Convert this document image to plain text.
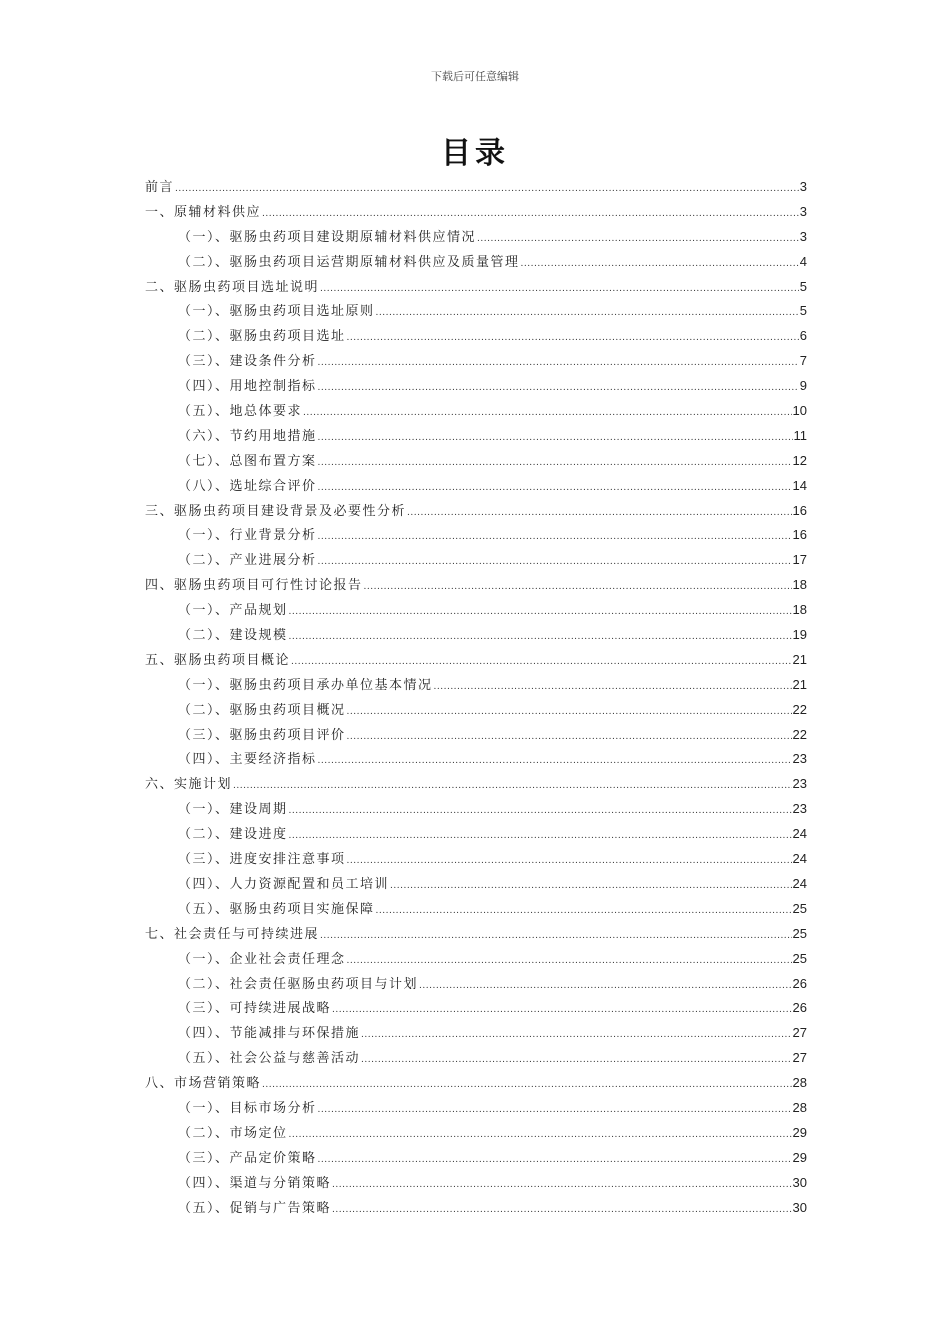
下载后可任意编辑
目录
前言 .....	3
一、原辅材料供应 .....	3
（一）、驱肠虫药项目建设期原辅材料供应情况 .....	3
（二）、驱肠虫药项目运营期原辅材料供应及质量管理 .....	4
二、驱肠虫药项目选址说明 .....	5
（一）、驱肠虫药项目选址原则 .....	5
（二）、驱肠虫药项目选址 .....	6
（三）、建设条件分析 .....	7
（四）、用地控制指标 .....	9
（五）、地总体要求 .....	10
（六）、节约用地措施 .....	11
（七）、总图布置方案 .....	12
（八）、选址综合评价 .....	14
三、驱肠虫药项目建设背景及必要性分析 .....	16
（一）、行业背景分析 .....	16
（二）、产业进展分析 .....	17
四、驱肠虫药项目可行性讨论报告 .....	18
（一）、产品规划 .....	18
（二）、建设规模 .....	19
五、驱肠虫药项目概论 .....	21
（一）、驱肠虫药项目承办单位基本情况 .....	21
（二）、驱肠虫药项目概况 .....	22
（三）、驱肠虫药项目评价 .....	22
（四）、主要经济指标 .....	23
六、实施计划 .....	23
（一）、建设周期 .....	23
（二）、建设进度 .....	24
（三）、进度安排注意事项 .....	24
（四）、人力资源配置和员工培训 .....	24
（五）、驱肠虫药项目实施保障 .....	25
七、社会责任与可持续进展 .....	25
（一）、企业社会责任理念 .....	25
（二）、社会责任驱肠虫药项目与计划 .....	26
（三）、可持续进展战略 .....	26
（四）、节能减排与环保措施 .....	27
（五）、社会公益与慈善活动 .....	27
八、市场营销策略 .....	28
（一）、目标市场分析 .....	28
（二）、市场定位 .....	29
（三）、产品定价策略 .....	29
（四）、渠道与分销策略 .....	30
（五）、促销与广告策略 .....	30
